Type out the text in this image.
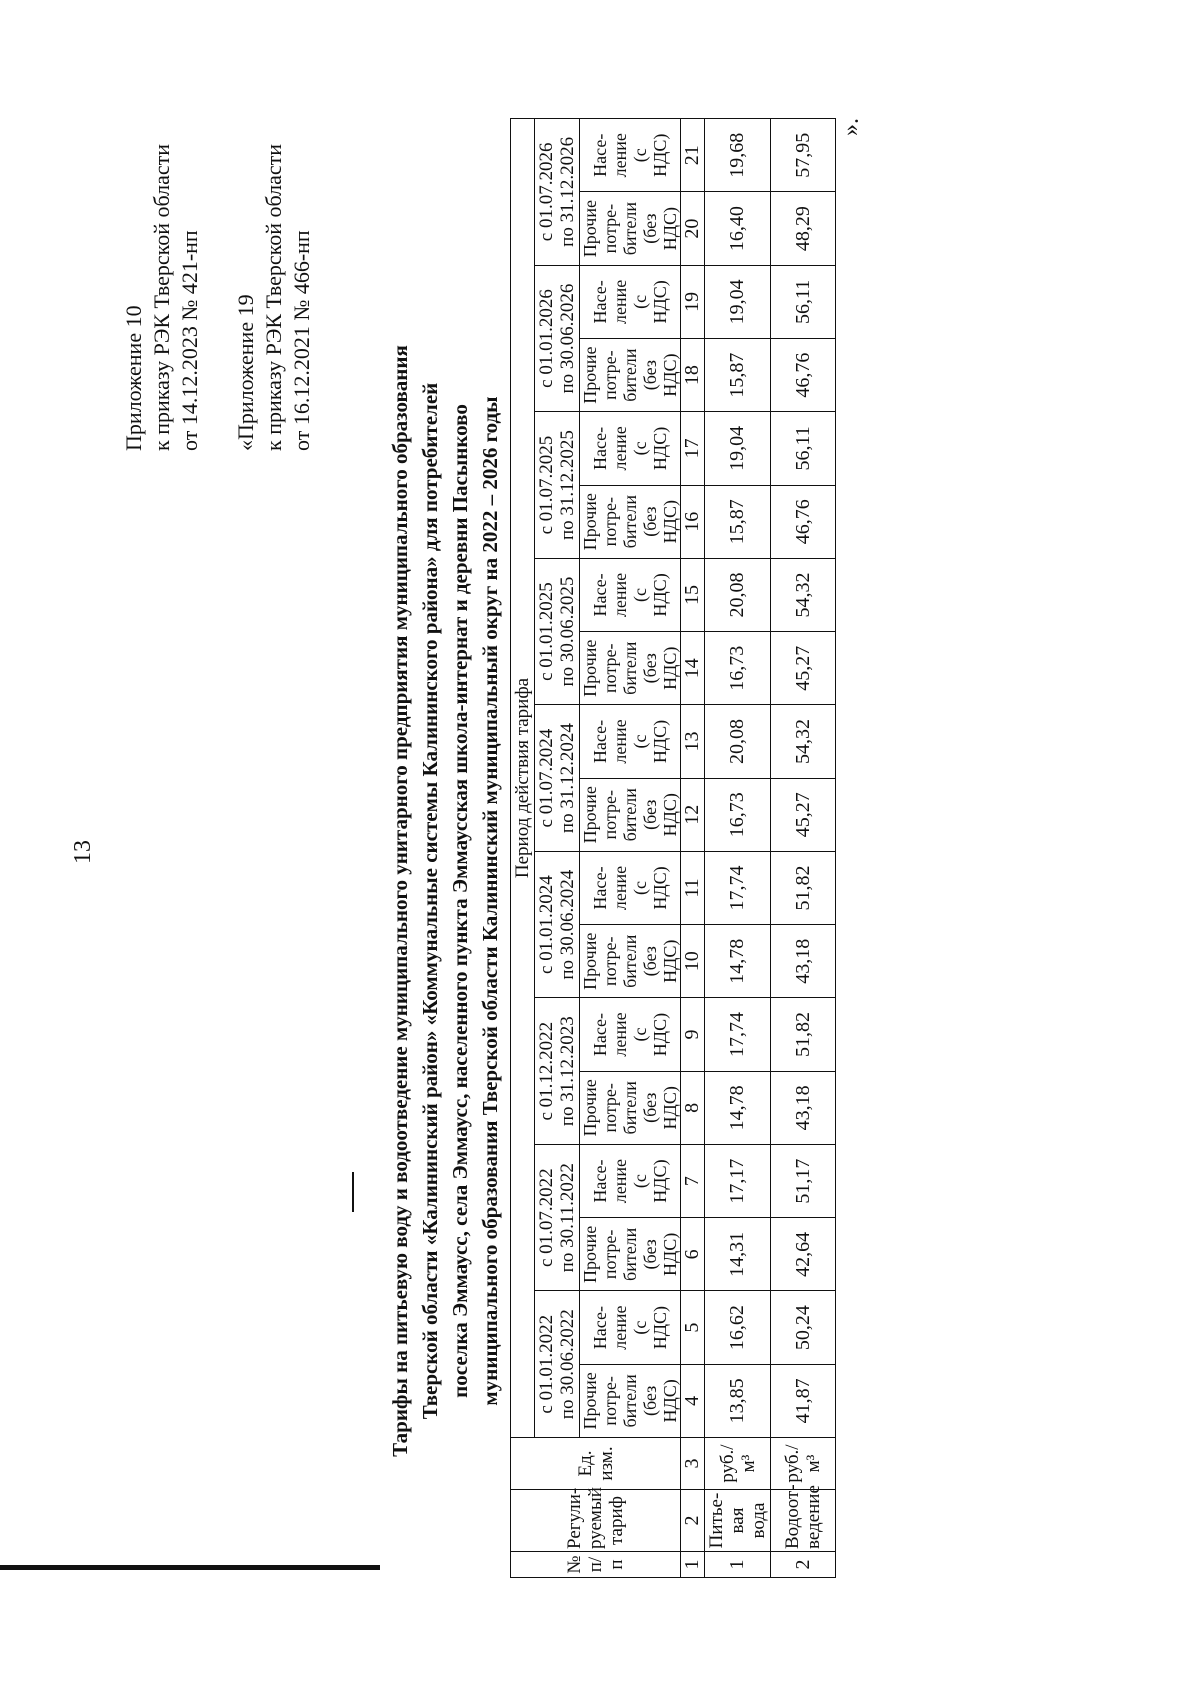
13
Приложение 10 к приказу РЭК Тверской области от 14.12.2023 № 421-нп «Приложение 19 к приказу РЭК Тверской области от 16.12.2021 № 466-нп
Тарифы на питьевую воду и водоотведение муниципального унитарного предприятия муниципального образования Тверской области «Калининский район» «Коммунальные системы Калининского района» для потребителей поселка Эммаусс, села Эммаусс, населенного пункта Эммаусская школа-интернат и деревни Пасынково муниципального образования Тверской области Калининский муниципальный округ на 2022 – 2026 годы
№ п/ п	Регули- руемый тариф	Ед. изм.	Период действия тарифа																	

			с 01.01.2022 по 30.06.2022		с 01.07.2022 по 30.11.2022		с 01.12.2022 по 31.12.2023		с 01.01.2024 по 30.06.2024		с 01.07.2024 по 31.12.2024		с 01.01.2025 по 30.06.2025		с 01.07.2025 по 31.12.2025		с 01.01.2026 по 30.06.2026		с 01.07.2026 по 31.12.2026	

			Прочие потре- бители (без НДС)	Насе- ление (с НДС)	Прочие потре- бители (без НДС)	Насе- ление (с НДС)	Прочие потре- бители (без НДС)	Насе- ление (с НДС)	Прочие потре- бители (без НДС)	Насе- ление (с НДС)	Прочие потре- бители (без НДС)	Насе- ление (с НДС)	Прочие потре- бители (без НДС)	Насе- ление (с НДС)	Прочие потре- бители (без НДС)	Насе- ление (с НДС)	Прочие потре- бители (без НДС)	Насе- ление (с НДС)	Прочие потре- бители (без НДС)	Насе- ление (с НДС)

1	2	3	4	5	6	7	8	9	10	11	12	13	14	15	16	17	18	19	20	21
1	Питье- вая вода	руб./ м³	13,85	16,62	14,31	17,17	14,78	17,74	14,78	17,74	16,73	20,08	16,73	20,08	15,87	19,04	15,87	19,04	16,40	19,68
2	Водоот- ведение	руб./ м³	41,87	50,24	42,64	51,17	43,18	51,82	43,18	51,82	45,27	54,32	45,27	54,32	46,76	56,11	46,76	56,11	48,29	57,95
».
